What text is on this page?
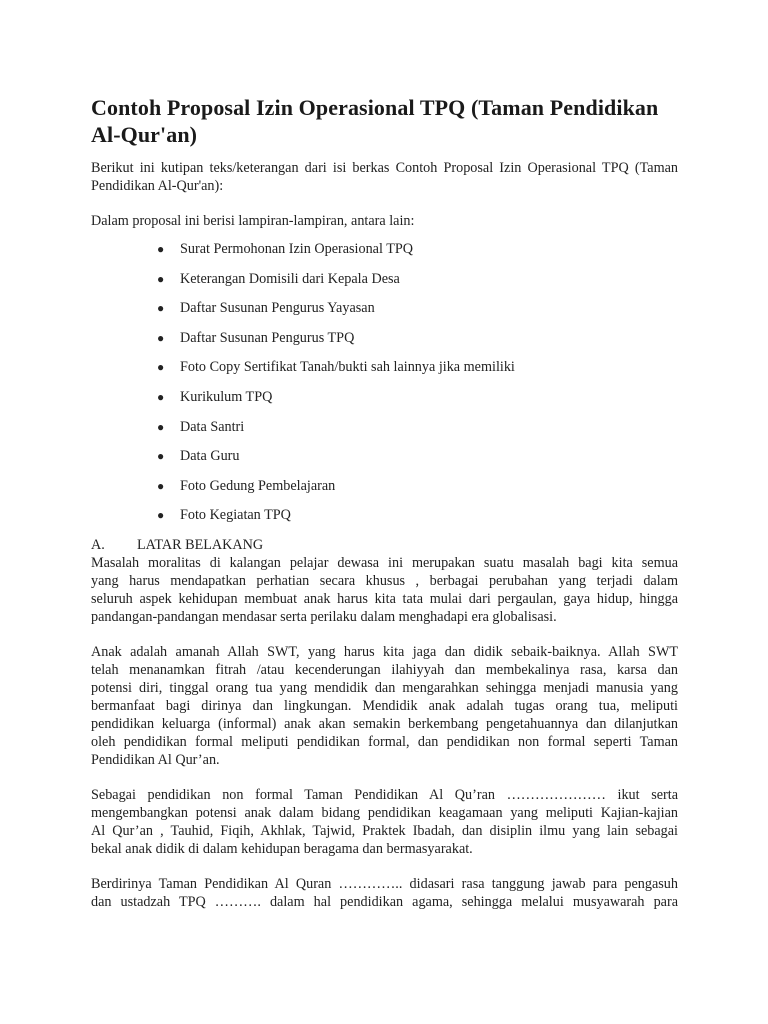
Contoh Proposal Izin Operasional TPQ (Taman Pendidikan Al-Qur'an)

Berikut ini kutipan teks/keterangan dari isi berkas Contoh Proposal Izin Operasional TPQ (Taman Pendidikan Al-Qur'an):

Dalam proposal ini berisi lampiran-lampiran, antara lain:

● Surat Permohonan Izin Operasional TPQ
● Keterangan Domisili dari Kepala Desa
● Daftar Susunan Pengurus Yayasan
● Daftar Susunan Pengurus TPQ
● Foto Copy Sertifikat Tanah/bukti sah lainnya jika memiliki
● Kurikulum TPQ
● Data Santri
● Data Guru
● Foto Gedung Pembelajaran
● Foto Kegiatan TPQ
A. LATAR BELAKANG
Masalah moralitas di kalangan pelajar dewasa ini merupakan suatu masalah bagi kita semua
yang harus mendapatkan perhatian secara khusus , berbagai perubahan yang terjadi dalam
seluruh aspek kehidupan membuat anak harus kita tata mulai dari pergaulan, gaya hidup, hingga
pandangan-pandangan mendasar serta perilaku dalam menghadapi era globalisasi.
Anak adalah amanah Allah SWT, yang harus kita jaga dan didik sebaik-baiknya. Allah SWT
telah menanamkan fitrah /atau kecenderungan ilahiyyah dan membekalinya rasa, karsa dan
potensi diri, tinggal orang tua yang mendidik dan mengarahkan sehingga menjadi manusia yang
bermanfaat bagi dirinya dan lingkungan. Mendidik anak adalah tugas orang tua, meliputi
pendidikan keluarga (informal) anak akan semakin berkembang pengetahuannya dan dilanjutkan
oleh pendidikan formal meliputi pendidikan formal, dan pendidikan non formal seperti Taman
Pendidikan Al Qur’an.
Sebagai pendidikan non formal Taman Pendidikan Al Qu’ran ………………… ikut serta
mengembangkan potensi anak dalam bidang pendidikan keagamaan yang meliputi Kajian-kajian
Al Qur’an , Tauhid, Fiqih, Akhlak, Tajwid, Praktek Ibadah, dan disiplin ilmu yang lain sebagai
bekal anak didik di dalam kehidupan beragama dan bermasyarakat.
Berdirinya Taman Pendidikan Al Quran ………….. didasari rasa tanggung jawab para pengasuh
dan ustadzah TPQ ………. dalam hal pendidikan agama, sehingga melalui musyawarah para
